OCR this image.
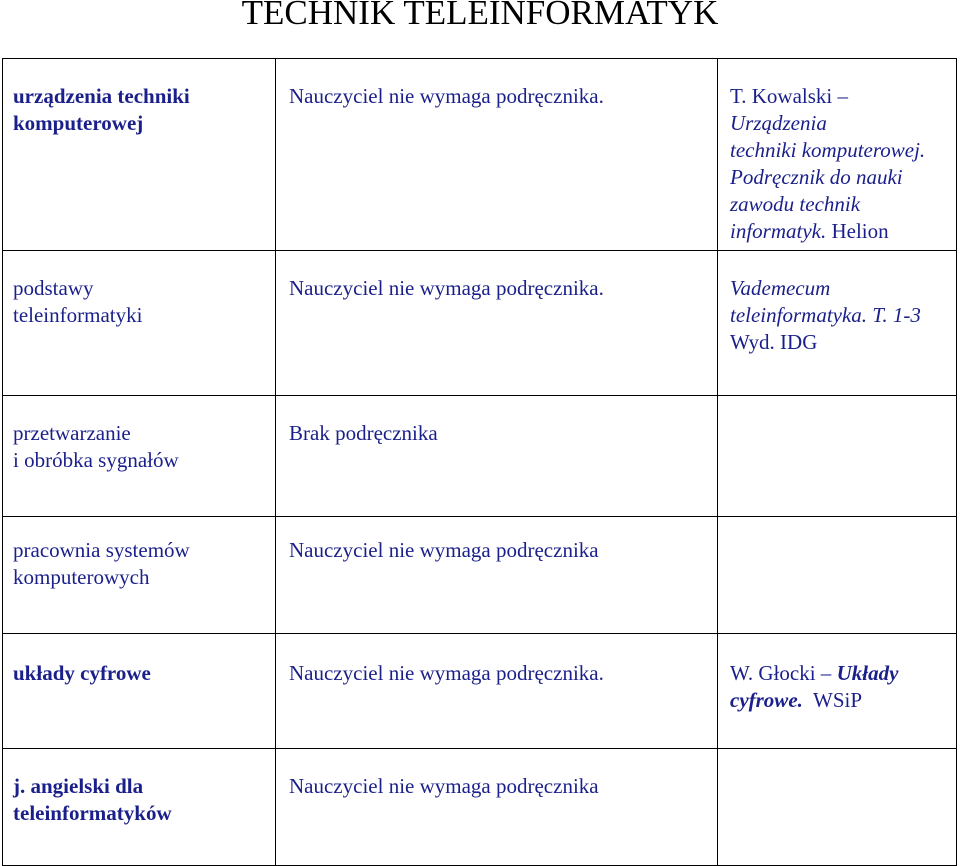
TECHNIK TELEINFORMATYK
urządzenia techniki
komputerowej	Nauczyciel nie wymaga podręcznika.	T. Kowalski – Urządzenia
techniki komputerowej.
Podręcznik do nauki
zawodu technik
informatyk. Helion

podstawy
teleinformatyki	Nauczyciel nie wymaga podręcznika.	Vademecum
teleinformatyka. T. 1-3
Wyd. IDG

przetwarzanie
i obróbka sygnałów	Brak podręcznika	

pracownia systemów
komputerowych	Nauczyciel nie wymaga podręcznika	

układy cyfrowe	Nauczyciel nie wymaga podręcznika.	W. Głocki – Układy
cyfrowe.  WSiP

j. angielski dla
teleinformatyków	Nauczyciel nie wymaga podręcznika	
